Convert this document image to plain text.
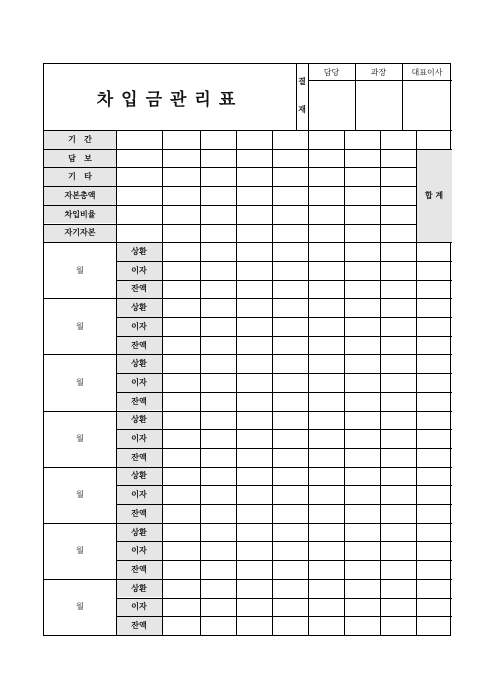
차입금관리표
결
재
담당	과장	대표이사
기   간
담   보
기   타
자본총액
차입비율
자기자본
합 계
월
상환
이자
잔액
월
상환
이자
잔액
월
상환
이자
잔액
월
상환
이자
잔액
월
상환
이자
잔액
월
상환
이자
잔액
월
상환
이자
잔액
